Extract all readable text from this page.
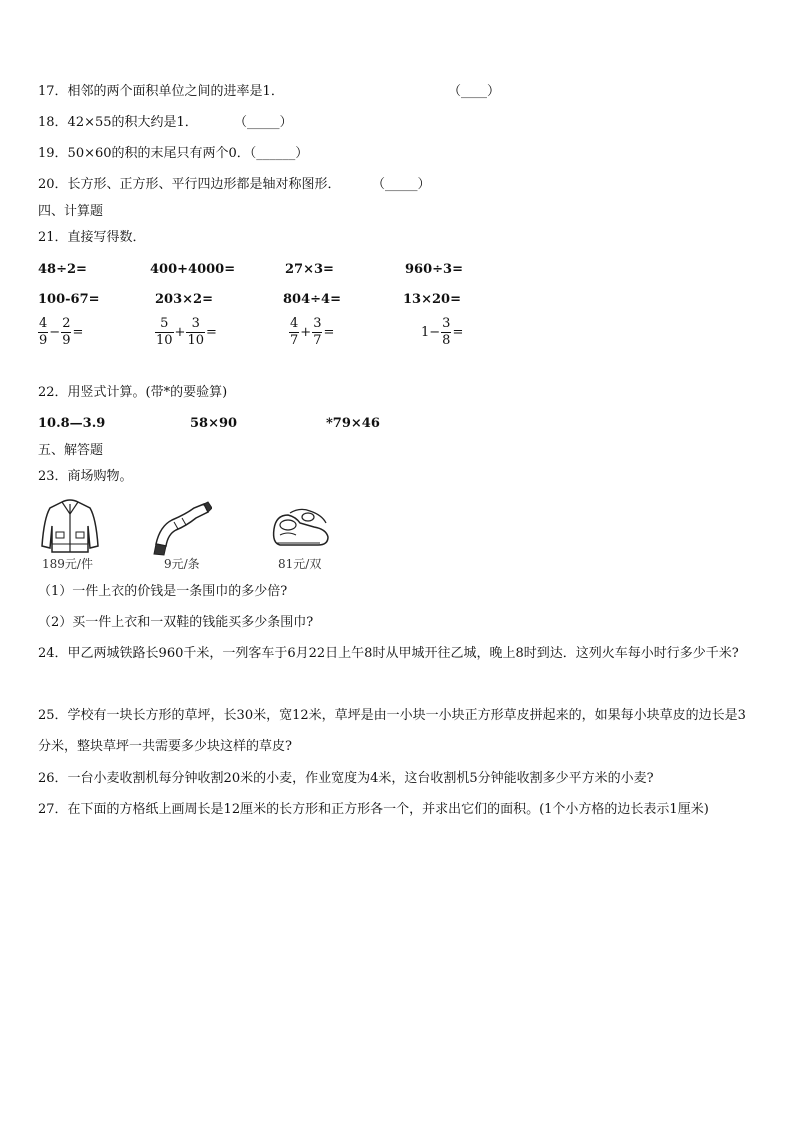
17．相邻的两个面积单位之间的进率是1．	（____）
18．42×55的积大约是1．	（_____）
19．50×60的积的末尾只有两个0．（______）
20．长方形、正方形、平行四边形都是轴对称图形． （_____）
四、计算题
21．直接写得数．
48÷2=	400+4000=	27×3=	960÷3=
100-67=	203×2=	804÷4=	13×20=
$\frac{4}{9} - \frac{2}{9}$ =	$\frac{5}{10} + \frac{3}{10}$ =	$\frac{4}{7} + \frac{3}{7}$ =	$1- \frac{3}{8}$ =
22．用竖式计算。(带*的要验算)
10.8—3.9	58×90	*79×46
五、解答题
23．商场购物。
189元/件	9元/条	81元/双
（1）一件上衣的价钱是一条围巾的多少倍?
（2）买一件上衣和一双鞋的钱能买多少条围巾?
24．甲乙两城铁路长960千米，一列客车于6月22日上午8时从甲城开往乙城，晚上8时到达．这列火车每小时行多少千米?
25．学校有一块长方形的草坪，长30米，宽12米，草坪是由一小块一小块正方形草皮拼起来的，如果每小块草皮的边长是3分米，整块草坪一共需要多少块这样的草皮?
26．一台小麦收割机每分钟收割20米的小麦，作业宽度为4米，这台收割机5分钟能收割多少平方米的小麦?
27．在下面的方格纸上画周长是12厘米的长方形和正方形各一个，并求出它们的面积。(1个小方格的边长表示1厘米)
